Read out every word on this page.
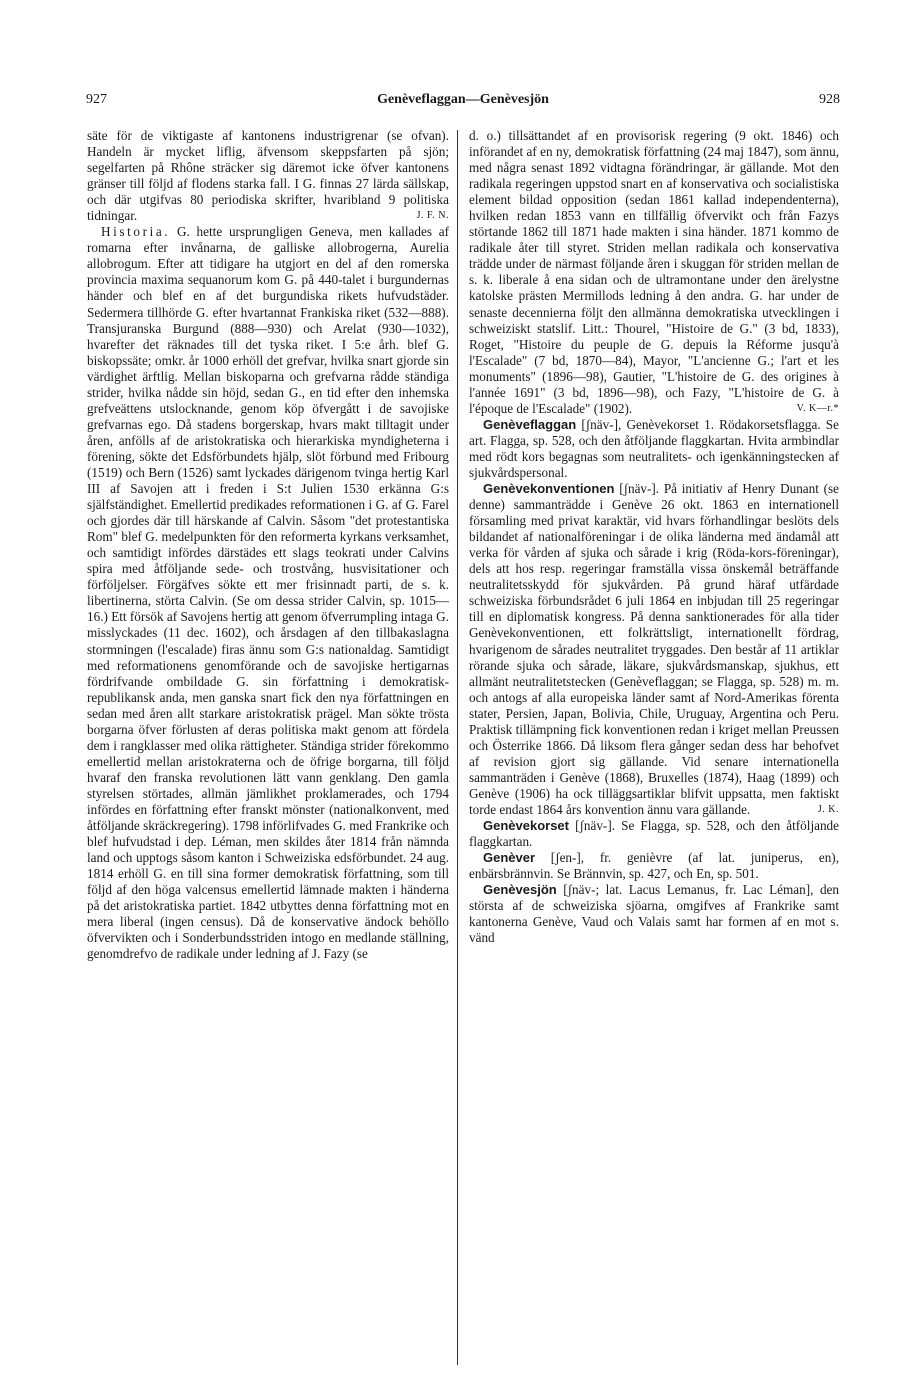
927	Genèveflaggan—Genèvesjön	928

säte för de viktigaste af kantonens industrigrenar (se ofvan). Handeln är mycket liflig, äfvensom skeppsfarten på sjön; segelfarten på Rhône sträcker sig däremot icke öfver kantonens gränser till följd af flodens starka fall. I G. finnas 27 lärda sällskap, och där utgifvas 80 periodiska skrifter, hvaribland 9 politiska tidningar.	J. F. N.

Historia. G. hette ursprungligen Geneva, men kallades af romarna efter invånarna, de galliske allobrogerna, Aurelia allobrogum. Efter att tidigare ha utgjort en del af den romerska provincia maxima sequanorum kom G. på 440-talet i burgundernas händer och blef en af det burgundiska rikets hufvudstäder. Sedermera tillhörde G. efter hvartannat Frankiska riket (532—888). Transjuranska Burgund (888—930) och Arelat (930—1032), hvarefter det räknades till det tyska riket. I 5:e årh. blef G. biskopssäte; omkr. år 1000 erhöll det grefvar, hvilka snart gjorde sin värdighet ärftlig. Mellan biskoparna och grefvarna rådde ständiga strider, hvilka nådde sin höjd, sedan G., en tid efter den inhemska grefveättens utslocknande, genom köp öfvergått i de savojiske grefvarnas ego. Då stadens borgerskap, hvars makt tilltagit under åren, anfölls af de aristokratiska och hierarkiska myndigheterna i förening, sökte det Edsförbundets hjälp, slöt förbund med Fribourg (1519) och Bern (1526) samt lyckades därigenom tvinga hertig Karl III af Savojen att i freden i S:t Julien 1530 erkänna G:s själfständighet. Emellertid predikades reformationen i G. af G. Farel och gjordes där till härskande af Calvin. Såsom "det protestantiska Rom" blef G. medelpunkten för den reformerta kyrkans verksamhet, och samtidigt infördes därstädes ett slags teokrati under Calvins spira med åtföljande sede- och trostvång, husvisitationer och förföljelser. Förgäfves sökte ett mer frisinnadt parti, de s. k. libertinerna, störta Calvin. (Se om dessa strider Calvin, sp. 1015—16.) Ett försök af Savojens hertig att genom öfverrumpling intaga G. misslyckades (11 dec. 1602), och årsdagen af den tillbakaslagna stormningen (l'escalade) firas ännu som G:s nationaldag. Samtidigt med reformationens genomförande och de savojiske hertigarnas fördrifvande ombildade G. sin författning i demokratisk-republikansk anda, men ganska snart fick den nya författningen en sedan med åren allt starkare aristokratisk prägel. Man sökte trösta borgarna öfver förlusten af deras politiska makt genom att fördela dem i rangklasser med olika rättigheter. Ständiga strider förekommo emellertid mellan aristokraterna och de öfrige borgarna, till följd hvaraf den franska revolutionen lätt vann genklang. Den gamla styrelsen störtades, allmän jämlikhet proklamerades, och 1794 infördes en författning efter franskt mönster (nationalkonvent, med åtföljande skräckregering). 1798 införlifvades G. med Frankrike och blef hufvudstad i dep. Léman, men skildes åter 1814 från nämnda land och upptogs såsom kanton i Schweiziska edsförbundet. 24 aug. 1814 erhöll G. en till sina former demokratisk författning, som till följd af den höga valcensus emellertid lämnade makten i händerna på det aristokratiska partiet. 1842 utbyttes denna författning mot en mera liberal (ingen census). Då de konservative ändock behöllo öfvervikten och i Sonderbundsstriden intogo en medlande ställning, genomdrefvo de radikale under ledning af J. Fazy (se

d. o.) tillsättandet af en provisorisk regering (9 okt. 1846) och införandet af en ny, demokratisk författning (24 maj 1847), som ännu, med några senast 1892 vidtagna förändringar, är gällande. Mot den radikala regeringen uppstod snart en af konservativa och socialistiska element bildad opposition (sedan 1861 kallad independenterna), hvilken redan 1853 vann en tillfällig öfvervikt och från Fazys störtande 1862 till 1871 hade makten i sina händer. 1871 kommo de radikale åter till styret. Striden mellan radikala och konservativa trädde under de närmast följande åren i skuggan för striden mellan de s. k. liberale å ena sidan och de ultramontane under den ärelystne katolske prästen Mermillods ledning å den andra. G. har under de senaste decennierna följt den allmänna demokratiska utvecklingen i schweiziskt statslif. Litt.: Thourel, "Histoire de G." (3 bd, 1833), Roget, "Histoire du peuple de G. depuis la Réforme jusqu'à l'Escalade" (7 bd, 1870—84), Mayor, "L'ancienne G.; l'art et les monuments" (1896—98), Gautier, "L'histoire de G. des origines à l'année 1691" (3 bd, 1896—98), och Fazy, "L'histoire de G. à l'époque de l'Escalade" (1902).	V. K—r.*

Genèveflaggan [ʃnäv-], Genèvekorset 1. Rödakorsetsflagga. Se art. Flagga, sp. 528, och den åtföljande flaggkartan. Hvita armbindlar med rödt kors begagnas som neutralitets- och igenkänningstecken af sjukvårdspersonal.

Genèvekonventionen [ʃnäv-]. På initiativ af Henry Dunant (se denne) sammanträdde i Genève 26 okt. 1863 en internationell församling med privat karaktär, vid hvars förhandlingar beslöts dels bildandet af nationalföreningar i de olika länderna med ändamål att verka för vården af sjuka och sårade i krig (Röda-kors-föreningar), dels att hos resp. regeringar framställa vissa önskemål beträffande neutralitetsskydd för sjukvården. På grund häraf utfärdade schweiziska förbundsrådet 6 juli 1864 en inbjudan till 25 regeringar till en diplomatisk kongress. På denna sanktionerades för alla tider Genèvekonventionen, ett folkrättsligt, internationellt fördrag, hvarigenom de sårades neutralitet tryggades. Den består af 11 artiklar rörande sjuka och sårade, läkare, sjukvårdsmanskap, sjukhus, ett allmänt neutralitetstecken (Genèveflaggan; se Flagga, sp. 528) m. m. och antogs af alla europeiska länder samt af Nord-Amerikas förenta stater, Persien, Japan, Bolivia, Chile, Uruguay, Argentina och Peru. Praktisk tillämpning fick konventionen redan i kriget mellan Preussen och Österrike 1866. Då liksom flera gånger sedan dess har behofvet af revision gjort sig gällande. Vid senare internationella sammanträden i Genève (1868), Bruxelles (1874), Haag (1899) och Genève (1906) ha ock tilläggsartiklar blifvit uppsatta, men faktiskt torde endast 1864 års konvention ännu vara gällande.	J. K.

Genèvekorset [ʃnäv-]. Se Flagga, sp. 528, och den åtföljande flaggkartan.

Genèver [ʃen-], fr. genièvre (af lat. juniperus, en), enbärsbrännvin. Se Brännvin, sp. 427, och En, sp. 501.

Genèvesjön [ʃnäv-; lat. Lacus Lemanus, fr. Lac Léman], den största af de schweiziska sjöarna, omgifves af Frankrike samt kantonerna Genève, Vaud och Valais samt har formen af en mot s. vänd
